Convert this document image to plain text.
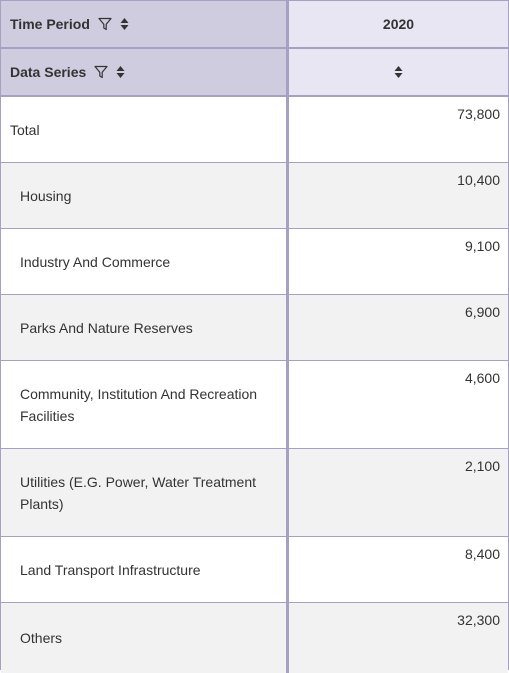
Time Period	2020
Data Series
Total
73,800
Housing
10,400
Industry And Commerce
9,100
Parks And Nature Reserves
6,900
Community, Institution And Recreation Facilities
4,600
Utilities (E.G. Power, Water Treatment Plants)
2,100
Land Transport Infrastructure
8,400
Others
32,300
